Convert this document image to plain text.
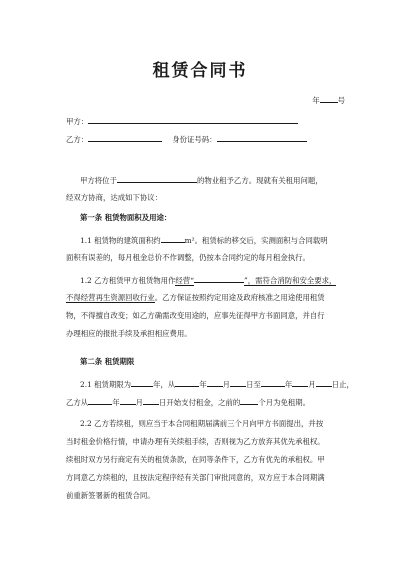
租赁合同书
年 号
甲方：
乙方：	身份证号码：
甲方将位于	的物业租予乙方。现就有关租用问题，
经双方协商，达成如下协议：
第一条 租赁物面积及用途：
1.1 租赁物的建筑面积约	m²。租赁标的移交后，实测面积与合同载明
面积有误差的，每月租金总价不作调整，仍按本合同约定的每月租金执行。
1.2 乙方租赁甲方租赁物用作经营“	”，需符合消防和安全要求，
不得经营再生资源回收行业。乙方保证按照约定用途及政府核准之用途使用租赁
物，不得擅自改变；如乙方确需改变用途的，应事先征得甲方书面同意，并自行
办理相应的报批手续及承担相应费用。
第二条 租赁期限
2.1 租赁期限为	年，从	年 月 日至	年 月 日止，
乙方从	年 月 日开始支付租金，之前的 个月为免租期。
2.2 乙方若续租，则应当于本合同租期届满前三个月向甲方书面提出，并按
当时租金价格行情，申请办理有关续租手续，否则视为乙方放弃其优先承租权。
续租时双方另行商定有关的租赁条款，在同等条件下，乙方有优先的承租权。甲
方同意乙方续租的，且按法定程序经有关部门审批同意的，双方应于本合同期满
前重新签署新的租赁合同。
